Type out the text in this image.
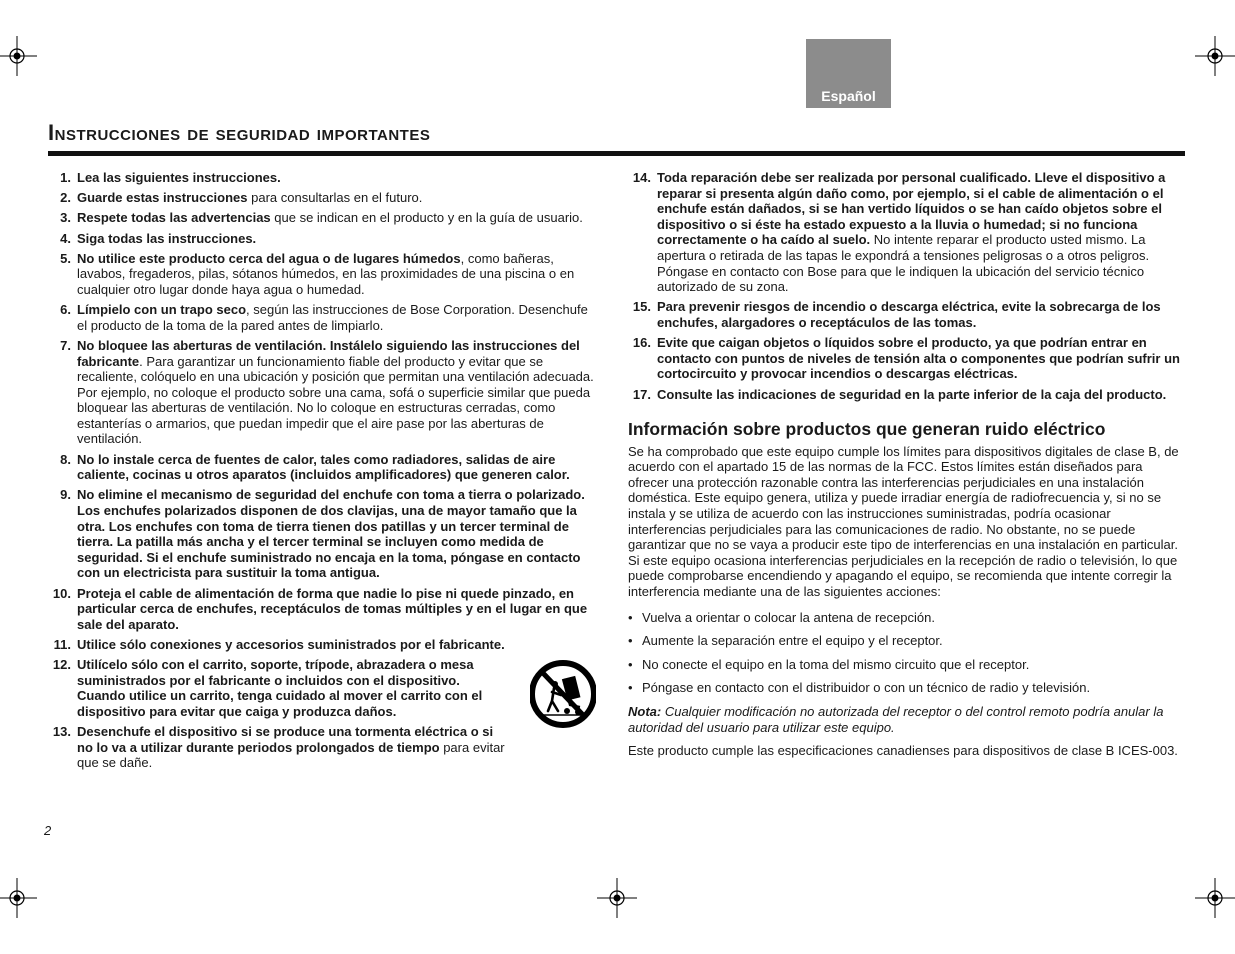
Español
Instrucciones de seguridad importantes
1. Lea las siguientes instrucciones.
2. Guarde estas instrucciones para consultarlas en el futuro.
3. Respete todas las advertencias que se indican en el producto y en la guía de usuario.
4. Siga todas las instrucciones.
5. No utilice este producto cerca del agua o de lugares húmedos, como bañeras, lavabos, fregaderos, pilas, sótanos húmedos, en las proximidades de una piscina o en cualquier otro lugar donde haya agua o humedad.
6. Límpielo con un trapo seco, según las instrucciones de Bose Corporation. Desenchufe el producto de la toma de la pared antes de limpiarlo.
7. No bloquee las aberturas de ventilación. Instálelo siguiendo las instrucciones del fabricante. Para garantizar un funcionamiento fiable del producto y evitar que se recaliente, colóquelo en una ubicación y posición que permitan una ventilación adecuada. Por ejemplo, no coloque el producto sobre una cama, sofá o superficie similar que pueda bloquear las aberturas de ventilación. No lo coloque en estructuras cerradas, como estanterías o armarios, que puedan impedir que el aire pase por las aberturas de ventilación.
8. No lo instale cerca de fuentes de calor, tales como radiadores, salidas de aire caliente, cocinas u otros aparatos (incluidos amplificadores) que generen calor.
9. No elimine el mecanismo de seguridad del enchufe con toma a tierra o polarizado. Los enchufes polarizados disponen de dos clavijas, una de mayor tamaño que la otra. Los enchufes con toma de tierra tienen dos patillas y un tercer terminal de tierra. La patilla más ancha y el tercer terminal se incluyen como medida de seguridad. Si el enchufe suministrado no encaja en la toma, póngase en contacto con un electricista para sustituir la toma antigua.
10. Proteja el cable de alimentación de forma que nadie lo pise ni quede pinzado, en particular cerca de enchufes, receptáculos de tomas múltiples y en el lugar en que sale del aparato.
11. Utilice sólo conexiones y accesorios suministrados por el fabricante.
12. Utilícelo sólo con el carrito, soporte, trípode, abrazadera o mesa suministrados por el fabricante o incluidos con el dispositivo. Cuando utilice un carrito, tenga cuidado al mover el carrito con el dispositivo para evitar que caiga y produzca daños.
13. Desenchufe el dispositivo si se produce una tormenta eléctrica o si no lo va a utilizar durante periodos prolongados de tiempo para evitar que se dañe.
14. Toda reparación debe ser realizada por personal cualificado. Lleve el dispositivo a reparar si presenta algún daño como, por ejemplo, si el cable de alimentación o el enchufe están dañados, si se han vertido líquidos o se han caído objetos sobre el dispositivo o si éste ha estado expuesto a la lluvia o humedad; si no funciona correctamente o ha caído al suelo. No intente reparar el producto usted mismo. La apertura o retirada de las tapas le expondrá a tensiones peligrosas o a otros peligros. Póngase en contacto con Bose para que le indiquen la ubicación del servicio técnico autorizado de su zona.
15. Para prevenir riesgos de incendio o descarga eléctrica, evite la sobrecarga de los enchufes, alargadores o receptáculos de las tomas.
16. Evite que caigan objetos o líquidos sobre el producto, ya que podrían entrar en contacto con puntos de niveles de tensión alta o componentes que podrían sufrir un cortocircuito y provocar incendios o descargas eléctricas.
17. Consulte las indicaciones de seguridad en la parte inferior de la caja del producto.
Información sobre productos que generan ruido eléctrico

Se ha comprobado que este equipo cumple los límites para dispositivos digitales de clase B, de acuerdo con el apartado 15 de las normas de la FCC. Estos límites están diseñados para ofrecer una protección razonable contra las interferencias perjudiciales en una instalación doméstica. Este equipo genera, utiliza y puede irradiar energía de radiofrecuencia y, si no se instala y se utiliza de acuerdo con las instrucciones suministradas, podría ocasionar interferencias perjudiciales para las comunicaciones de radio. No obstante, no se puede garantizar que no se vaya a producir este tipo de interferencias en una instalación en particular. Si este equipo ocasiona interferencias perjudiciales en la recepción de radio o televisión, lo que puede comprobarse encendiendo y apagando el equipo, se recomienda que intente corregir la interferencia mediante una de las siguientes acciones:

• Vuelva a orientar o colocar la antena de recepción.
• Aumente la separación entre el equipo y el receptor.
• No conecte el equipo en la toma del mismo circuito que el receptor.
• Póngase en contacto con el distribuidor o con un técnico de radio y televisión.

Nota: Cualquier modificación no autorizada del receptor o del control remoto podría anular la autoridad del usuario para utilizar este equipo.

Este producto cumple las especificaciones canadienses para dispositivos de clase B ICES-003.

2
